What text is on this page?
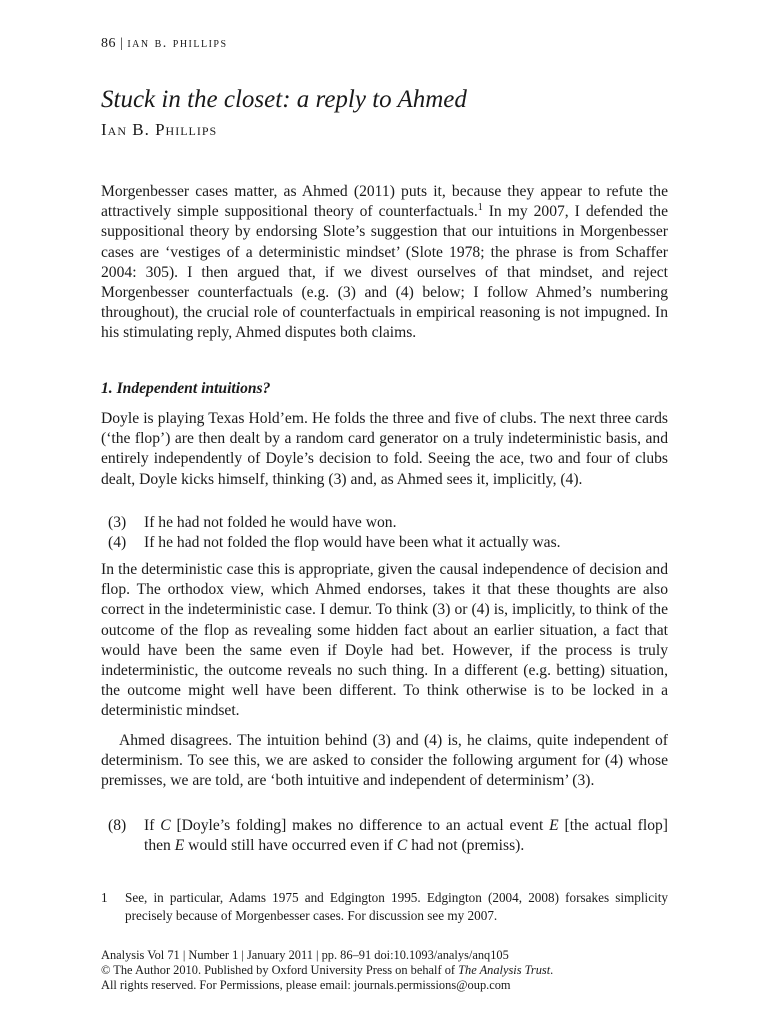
86 | ian b. phillips
Stuck in the closet: a reply to Ahmed
Ian B. Phillips

Morgenbesser cases matter, as Ahmed (2011) puts it, because they appear to refute the attractively simple suppositional theory of counterfactuals.$^1$ In my 2007, I defended the suppositional theory by endorsing Slote’s suggestion that our intuitions in Morgenbesser cases are ‘vestiges of a deterministic mindset’ (Slote 1978; the phrase is from Schaffer 2004: 305). I then argued that, if we divest ourselves of that mindset, and reject Morgenbesser counterfactuals (e.g. (3) and (4) below; I follow Ahmed’s numbering throughout), the crucial role of counterfactuals in empirical reasoning is not impugned. In his stimulating reply, Ahmed disputes both claims.

1. Independent intuitions?

Doyle is playing Texas Hold’em. He folds the three and five of clubs. The next three cards (‘the flop’) are then dealt by a random card generator on a truly indeterministic basis, and entirely independently of Doyle’s decision to fold. Seeing the ace, two and four of clubs dealt, Doyle kicks himself, thinking (3) and, as Ahmed sees it, implicitly, (4).

(3)	If he had not folded he would have won.
(4)	If he had not folded the flop would have been what it actually was.

In the deterministic case this is appropriate, given the causal independence of decision and flop. The orthodox view, which Ahmed endorses, takes it that these thoughts are also correct in the indeterministic case. I demur. To think (3) or (4) is, implicitly, to think of the outcome of the flop as revealing some hidden fact about an earlier situation, a fact that would have been the same even if Doyle had bet. However, if the process is truly indeterministic, the outcome reveals no such thing. In a different (e.g. betting) situation, the outcome might well have been different. To think otherwise is to be locked in a deterministic mindset.

Ahmed disagrees. The intuition behind (3) and (4) is, he claims, quite independent of determinism. To see this, we are asked to consider the following argument for (4) whose premisses, we are told, are ‘both intuitive and independent of determinism’ (3).

(8)	If C [Doyle’s folding] makes no difference to an actual event E [the actual flop] then E would still have occurred even if C had not (premiss).
1 See, in particular, Adams 1975 and Edgington 1995. Edgington (2004, 2008) forsakes simplicity precisely because of Morgenbesser cases. For discussion see my 2007.
Analysis Vol 71 | Number 1 | January 2011 | pp. 86–91 doi:10.1093/analys/anq105
© The Author 2010. Published by Oxford University Press on behalf of The Analysis Trust.
All rights reserved. For Permissions, please email: journals.permissions@oup.com
